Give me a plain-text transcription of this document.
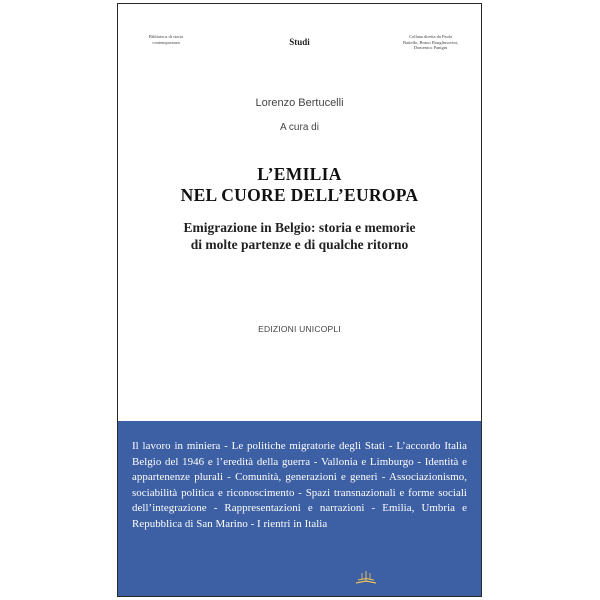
Biblioteca di storia contemporanea	Studi
Collana diretta da Paola Battello, Bruno Bonglimovini, Domenico Panigni
Lorenzo Bertucelli
A cura di
L’EMILIA
NEL CUORE DELL’EUROPA
Emigrazione in Belgio: storia e memorie
di molte partenze e di qualche ritorno
EDIZIONI UNICOPLI

Il lavoro in miniera - Le politiche migratorie degli Stati - L’accordo Italia Belgio del 1946 e l’eredità della guerra - Vallonia e Limburgo - Identità e appartenenze plurali - Comunità, generazioni e generi - Associazionismo, sociabilità politica e riconoscimento - Spazi transnazionali e forme sociali dell’integrazione - Rappresentazioni e narrazioni - Emilia, Umbria e Repubblica di San Marino - I rientri in Italia
